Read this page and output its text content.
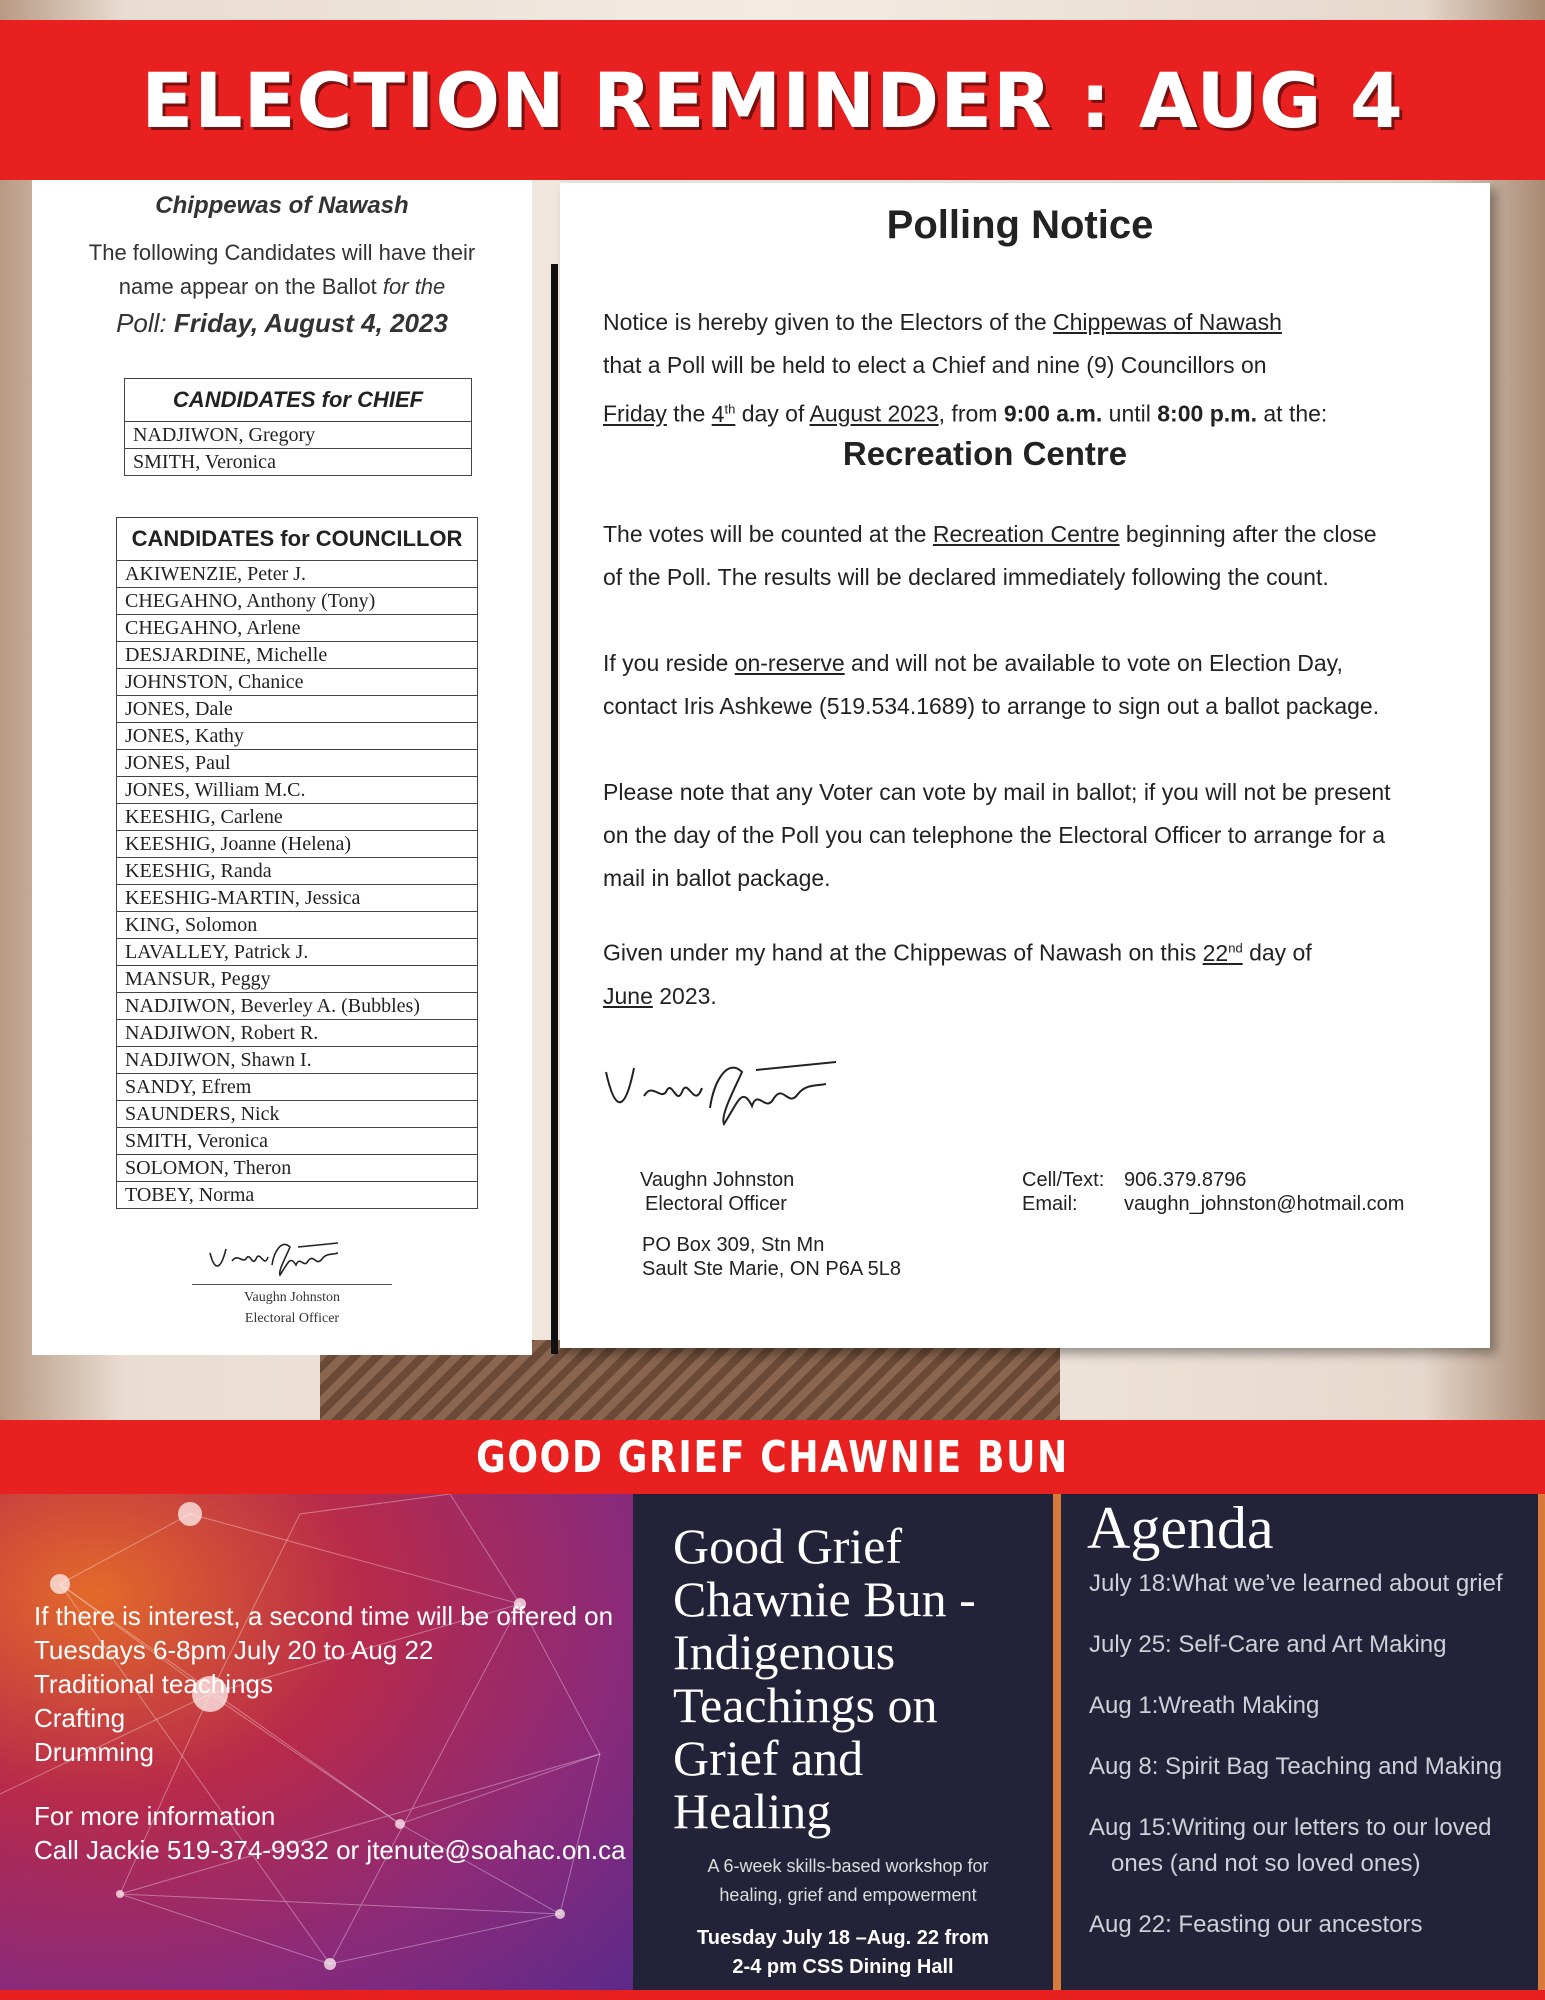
ELECTION REMINDER : AUG 4
Chippewas of Nawash
The following Candidates will have their
name appear on the Ballot for the
Poll: Friday, August 4, 2023
CANDIDATES for CHIEF
NADJIWON, Gregory
SMITH, Veronica
CANDIDATES for COUNCILLOR
AKIWENZIE, Peter J.
CHEGAHNO, Anthony (Tony)
CHEGAHNO, Arlene
DESJARDINE, Michelle
JOHNSTON, Chanice
JONES, Dale
JONES, Kathy
JONES, Paul
JONES, William M.C.
KEESHIG, Carlene
KEESHIG, Joanne (Helena)
KEESHIG, Randa
KEESHIG-MARTIN, Jessica
KING, Solomon
LAVALLEY, Patrick J.
MANSUR, Peggy
NADJIWON, Beverley A. (Bubbles)
NADJIWON, Robert R.
NADJIWON, Shawn I.
SANDY, Efrem
SAUNDERS, Nick
SMITH, Veronica
SOLOMON, Theron
TOBEY, Norma
Vaughn Johnston
Electoral Officer
Polling Notice
Notice is hereby given to the Electors of the Chippewas of Nawash
that a Poll will be held to elect a Chief and nine (9) Councillors on
Friday the 4th day of August 2023, from 9:00 a.m. until 8:00 p.m. at the:
Recreation Centre
The votes will be counted at the Recreation Centre beginning after the close
of the Poll. The results will be declared immediately following the count.
If you reside on-reserve and will not be available to vote on Election Day,
contact Iris Ashkewe (519.534.1689) to arrange to sign out a ballot package.
Please note that any Voter can vote by mail in ballot; if you will not be present
on the day of the Poll you can telephone the Electoral Officer to arrange for a
mail in ballot package.
Given under my hand at the Chippewas of Nawash on this 22nd day of
June 2023.
Vaughn Johnston
Electoral Officer
PO Box 309, Stn Mn
Sault Ste Marie, ON P6A 5L8
Cell/Text: 906.379.8796
Email: vaughn_johnston@hotmail.com
GOOD GRIEF CHAWNIE BUN
If there is interest, a second time will be offered on
Tuesdays 6-8pm July 20 to Aug 22
Traditional teachings
Crafting
Drumming
For more information
Call Jackie 519-374-9932 or jtenute@soahac.on.ca
Good Grief
Chawnie Bun -
Indigenous
Teachings on
Grief and
Healing
A 6-week skills-based workshop for
healing, grief and empowerment
Tuesday July 18 –Aug. 22 from
2-4 pm CSS Dining Hall
Agenda
July 18:What we’ve learned about grief
July 25: Self-Care and Art Making
Aug 1:Wreath Making
Aug 8: Spirit Bag Teaching and Making
Aug 15:Writing our letters to our loved
ones (and not so loved ones)
Aug 22: Feasting our ancestors
